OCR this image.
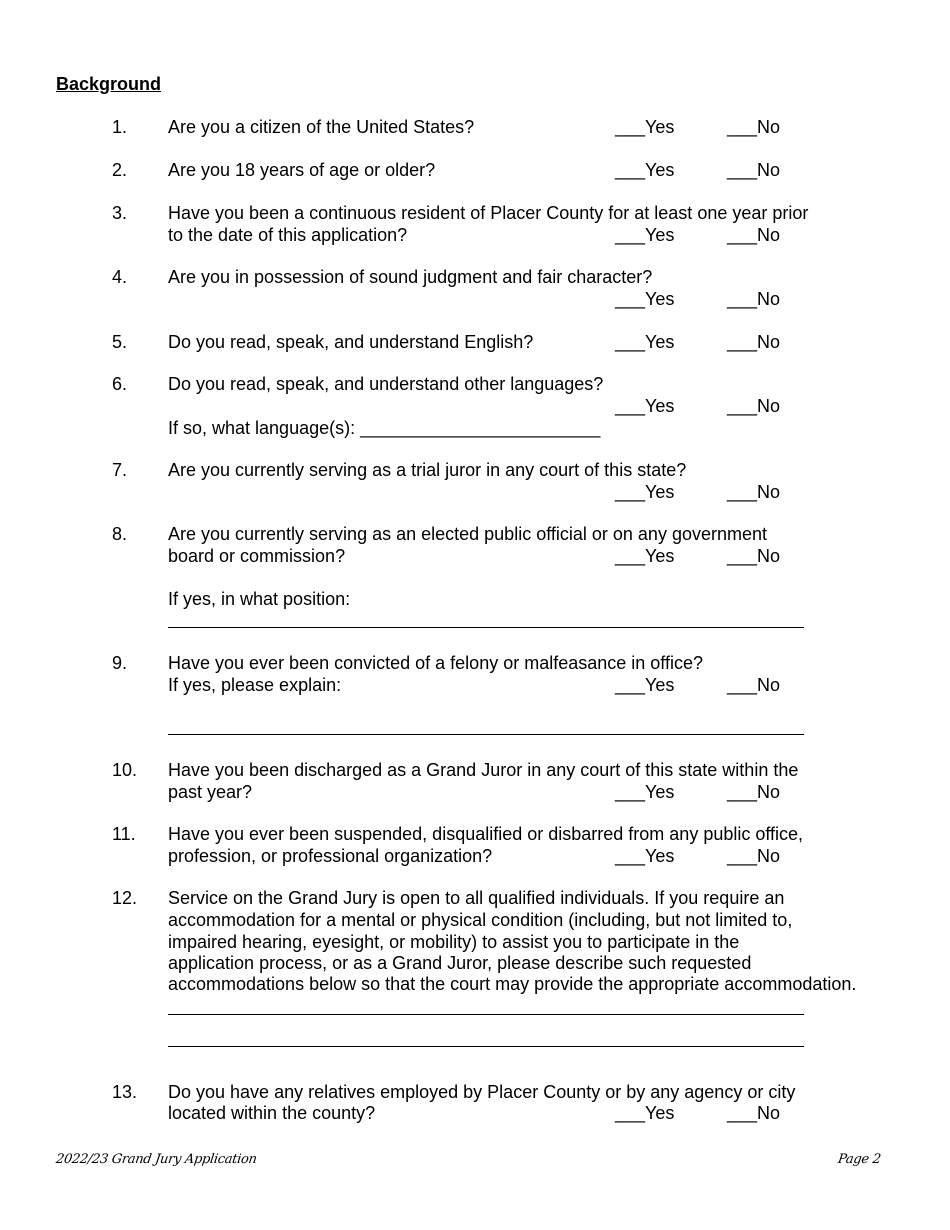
Background
1. Are you a citizen of the United States?	___Yes	___No
2. Are you 18 years of age or older?	___Yes	___No
3. Have you been a continuous resident of Placer County for at least one year prior
to the date of this application?	___Yes	___No
4. Are you in possession of sound judgment and fair character?
___Yes	___No
5. Do you read, speak, and understand English?	___Yes	___No
6. Do you read, speak, and understand other languages?
___Yes	___No
If so, what language(s): ________________________
7. Are you currently serving as a trial juror in any court of this state?
___Yes	___No
8. Are you currently serving as an elected public official or on any government
board or commission?	___Yes	___No
If yes, in what position:
9. Have you ever been convicted of a felony or malfeasance in office?
If yes, please explain:	___Yes	___No
10. Have you been discharged as a Grand Juror in any court of this state within the
past year?	___Yes	___No
11. Have you ever been suspended, disqualified or disbarred from any public office,
profession, or professional organization?	___Yes	___No
12. Service on the Grand Jury is open to all qualified individuals. If you require an
accommodation for a mental or physical condition (including, but not limited to,
impaired hearing, eyesight, or mobility) to assist you to participate in the
application process, or as a Grand Juror, please describe such requested
accommodations below so that the court may provide the appropriate accommodation.
13. Do you have any relatives employed by Placer County or by any agency or city
located within the county?	___Yes	___No
2022/23 Grand Jury Application	Page 2
